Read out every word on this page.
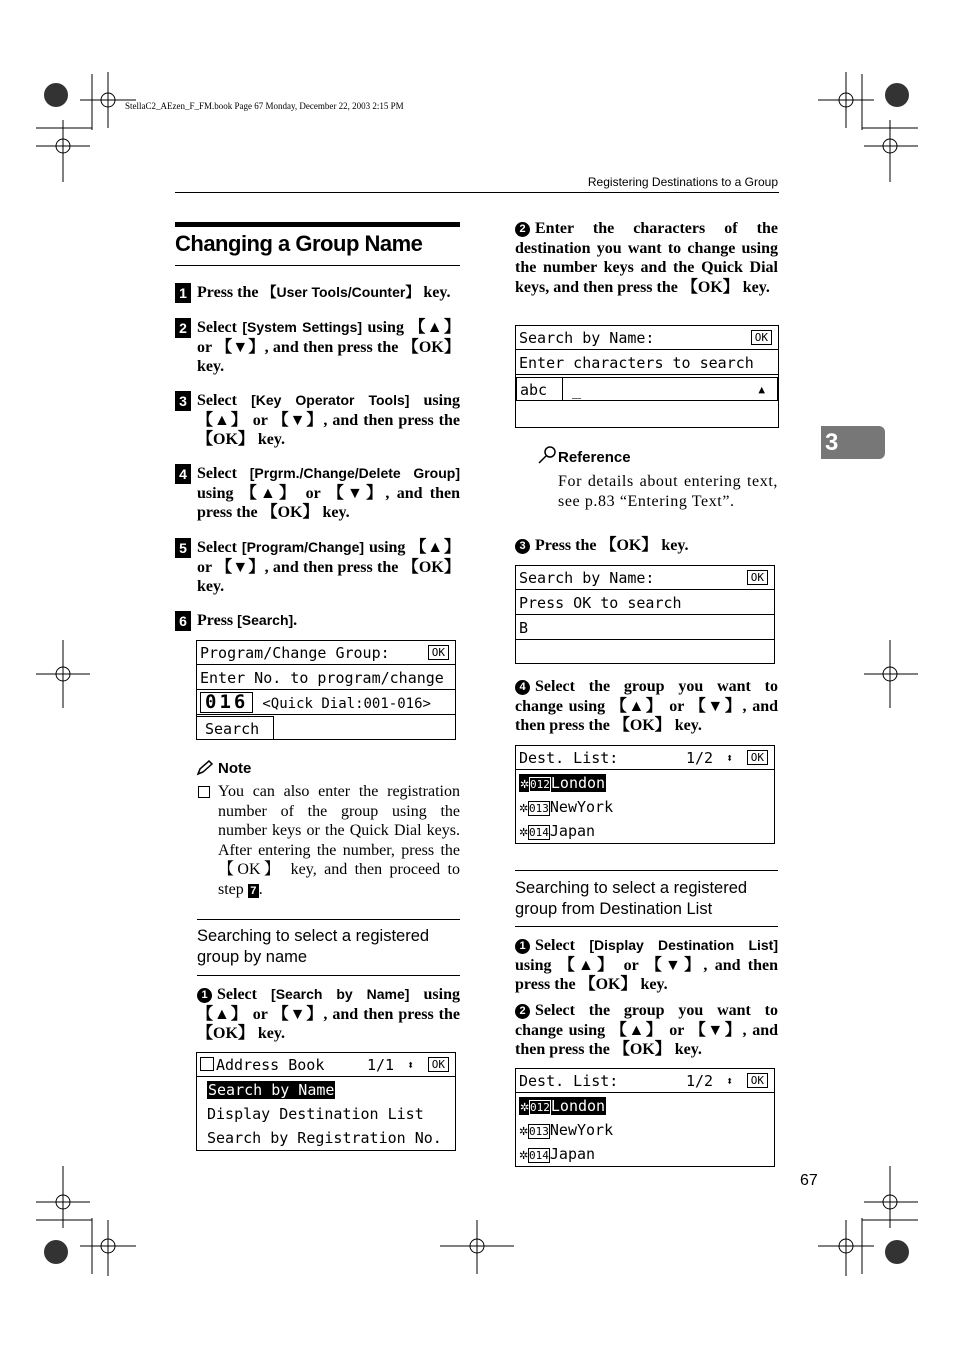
StellaC2_AEzen_F_FM.book Page 67 Monday, December 22, 2003 2:15 PM
Registering Destinations to a Group
3
Changing a Group Name
1 Press the 【User Tools/Counter】 key.
2 Select [System Settings] using 【▲】 or 【▼】, and then press the 【OK】 key.
3 Select [Key Operator Tools] using 【▲】 or 【▼】, and then press the 【OK】 key.
4 Select [Prgrm./Change/Delete Group] using 【▲】 or 【▼】, and then press the 【OK】 key.
5 Select [Program/Change] using 【▲】 or 【▼】, and then press the 【OK】 key.
6 Press [Search].
Program/Change Group:	OK
Enter No. to program/change
016 <Quick Dial:001-016>
Search
Note
You can also enter the registration number of the group using the number keys or the Quick Dial keys. After entering the number, press the 【OK】 key, and then proceed to step 7 .
Searching to select a registered group by name
1 Select [Search by Name] using 【▲】 or 【▼】, and then press the 【OK】 key.
Address Book	1/1 ⬍	OK
Search by Name
Display Destination List
Search by Registration No.
2 Enter the characters of the destination you want to change using the number keys and the Quick Dial keys, and then press the 【OK】 key.
Search by Name:	OK
Enter characters to search
abc _	▲
Reference
For details about entering text, see p.83 “Entering Text”.
3 Press the 【OK】 key.
Search by Name:	OK
Press OK to search
B
4 Select the group you want to change using 【▲】 or 【▼】, and then press the 【OK】 key.
Dest. List:	1/2 ⬍	OK
✲012London
✲013NewYork
✲014Japan
Searching to select a registered group from Destination List
1 Select [Display Destination List] using 【▲】 or 【▼】, and then press the 【OK】 key.
2 Select the group you want to change using 【▲】 or 【▼】, and then press the 【OK】 key.
Dest. List:	1/2 ⬍	OK
✲012London
✲013NewYork
✲014Japan
67
